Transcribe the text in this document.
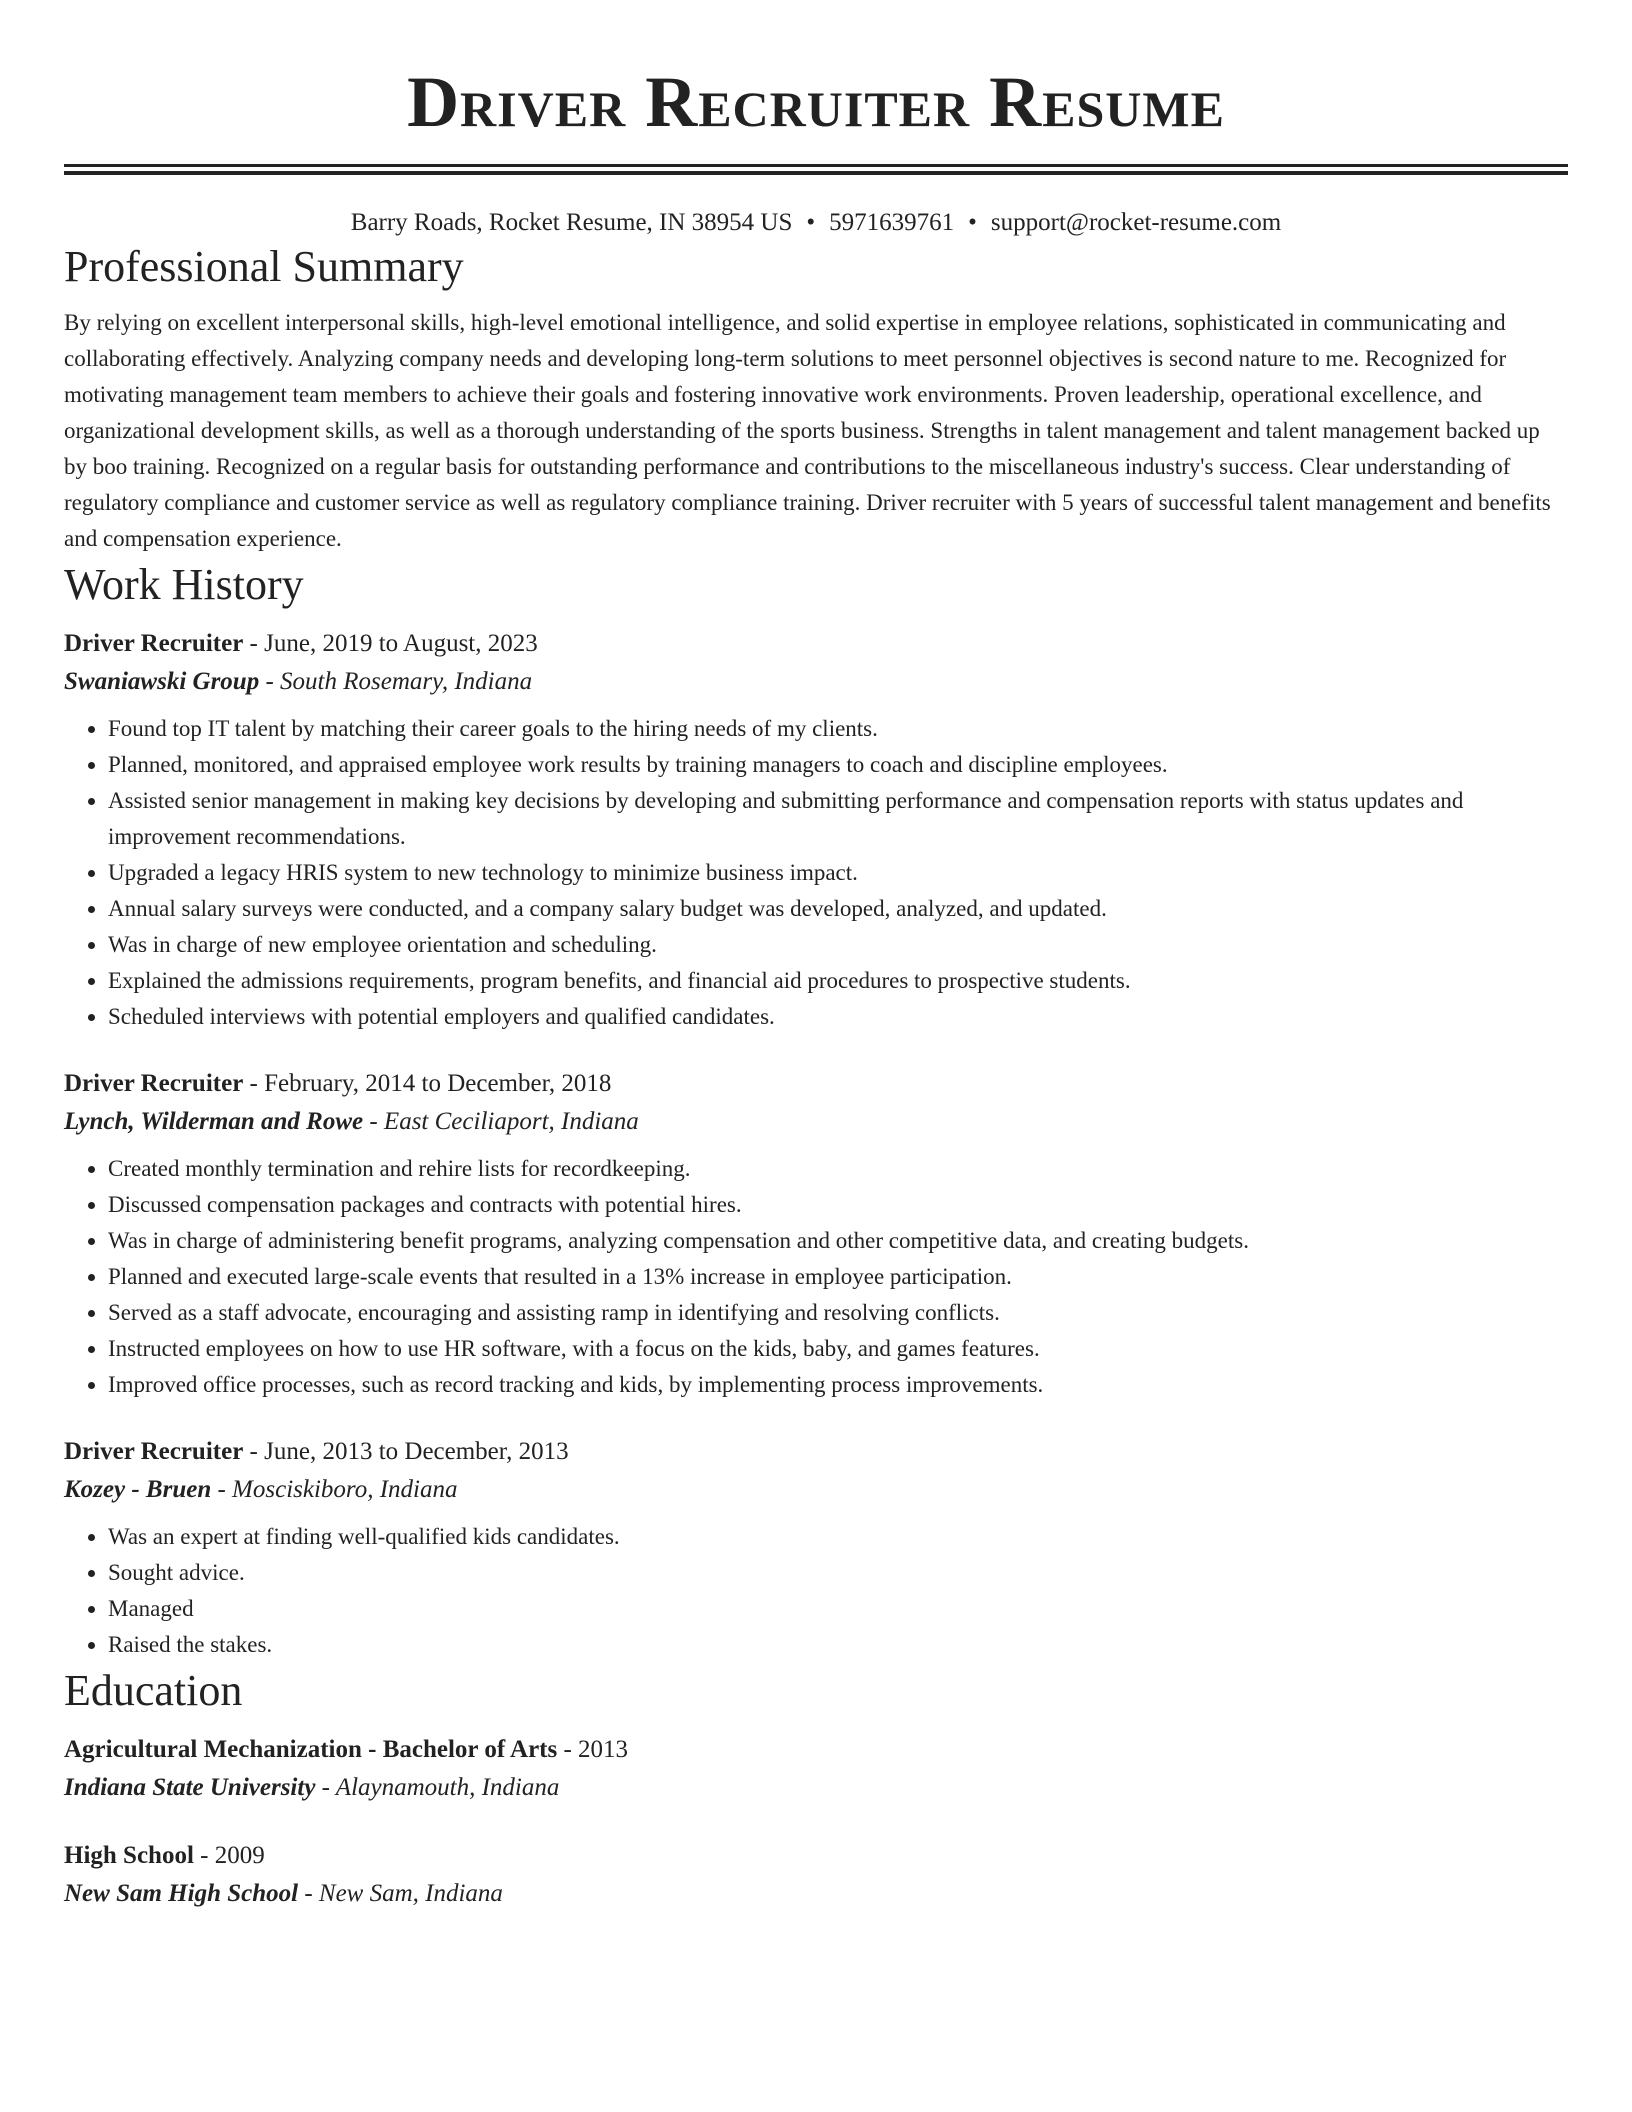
Driver Recruiter Resume
Barry Roads, Rocket Resume, IN 38954 US • 5971639761 • support@rocket-resume.com
Professional Summary

By relying on excellent interpersonal skills, high-level emotional intelligence, and solid expertise in employee relations, sophisticated in communicating and collaborating effectively. Analyzing company needs and developing long-term solutions to meet personnel objectives is second nature to me. Recognized for motivating management team members to achieve their goals and fostering innovative work environments. Proven leadership, operational excellence, and organizational development skills, as well as a thorough understanding of the sports business. Strengths in talent management and talent management backed up by boo training. Recognized on a regular basis for outstanding performance and contributions to the miscellaneous industry's success. Clear understanding of regulatory compliance and customer service as well as regulatory compliance training. Driver recruiter with 5 years of successful talent management and benefits and compensation experience.

Work History
Driver Recruiter - June, 2019 to August, 2023
Swaniawski Group - South Rosemary, Indiana
• Found top IT talent by matching their career goals to the hiring needs of my clients.
• Planned, monitored, and appraised employee work results by training managers to coach and discipline employees.
• Assisted senior management in making key decisions by developing and submitting performance and compensation reports with status updates and improvement recommendations.
• Upgraded a legacy HRIS system to new technology to minimize business impact.
• Annual salary surveys were conducted, and a company salary budget was developed, analyzed, and updated.
• Was in charge of new employee orientation and scheduling.
• Explained the admissions requirements, program benefits, and financial aid procedures to prospective students.
• Scheduled interviews with potential employers and qualified candidates.
Driver Recruiter - February, 2014 to December, 2018
Lynch, Wilderman and Rowe - East Ceciliaport, Indiana
• Created monthly termination and rehire lists for recordkeeping.
• Discussed compensation packages and contracts with potential hires.
• Was in charge of administering benefit programs, analyzing compensation and other competitive data, and creating budgets.
• Planned and executed large-scale events that resulted in a 13% increase in employee participation.
• Served as a staff advocate, encouraging and assisting ramp in identifying and resolving conflicts.
• Instructed employees on how to use HR software, with a focus on the kids, baby, and games features.
• Improved office processes, such as record tracking and kids, by implementing process improvements.
Driver Recruiter - June, 2013 to December, 2013
Kozey - Bruen - Mosciskiboro, Indiana
• Was an expert at finding well-qualified kids candidates.
• Sought advice.
• Managed
• Raised the stakes.
Education
Agricultural Mechanization - Bachelor of Arts - 2013
Indiana State University - Alaynamouth, Indiana
High School - 2009
New Sam High School - New Sam, Indiana
